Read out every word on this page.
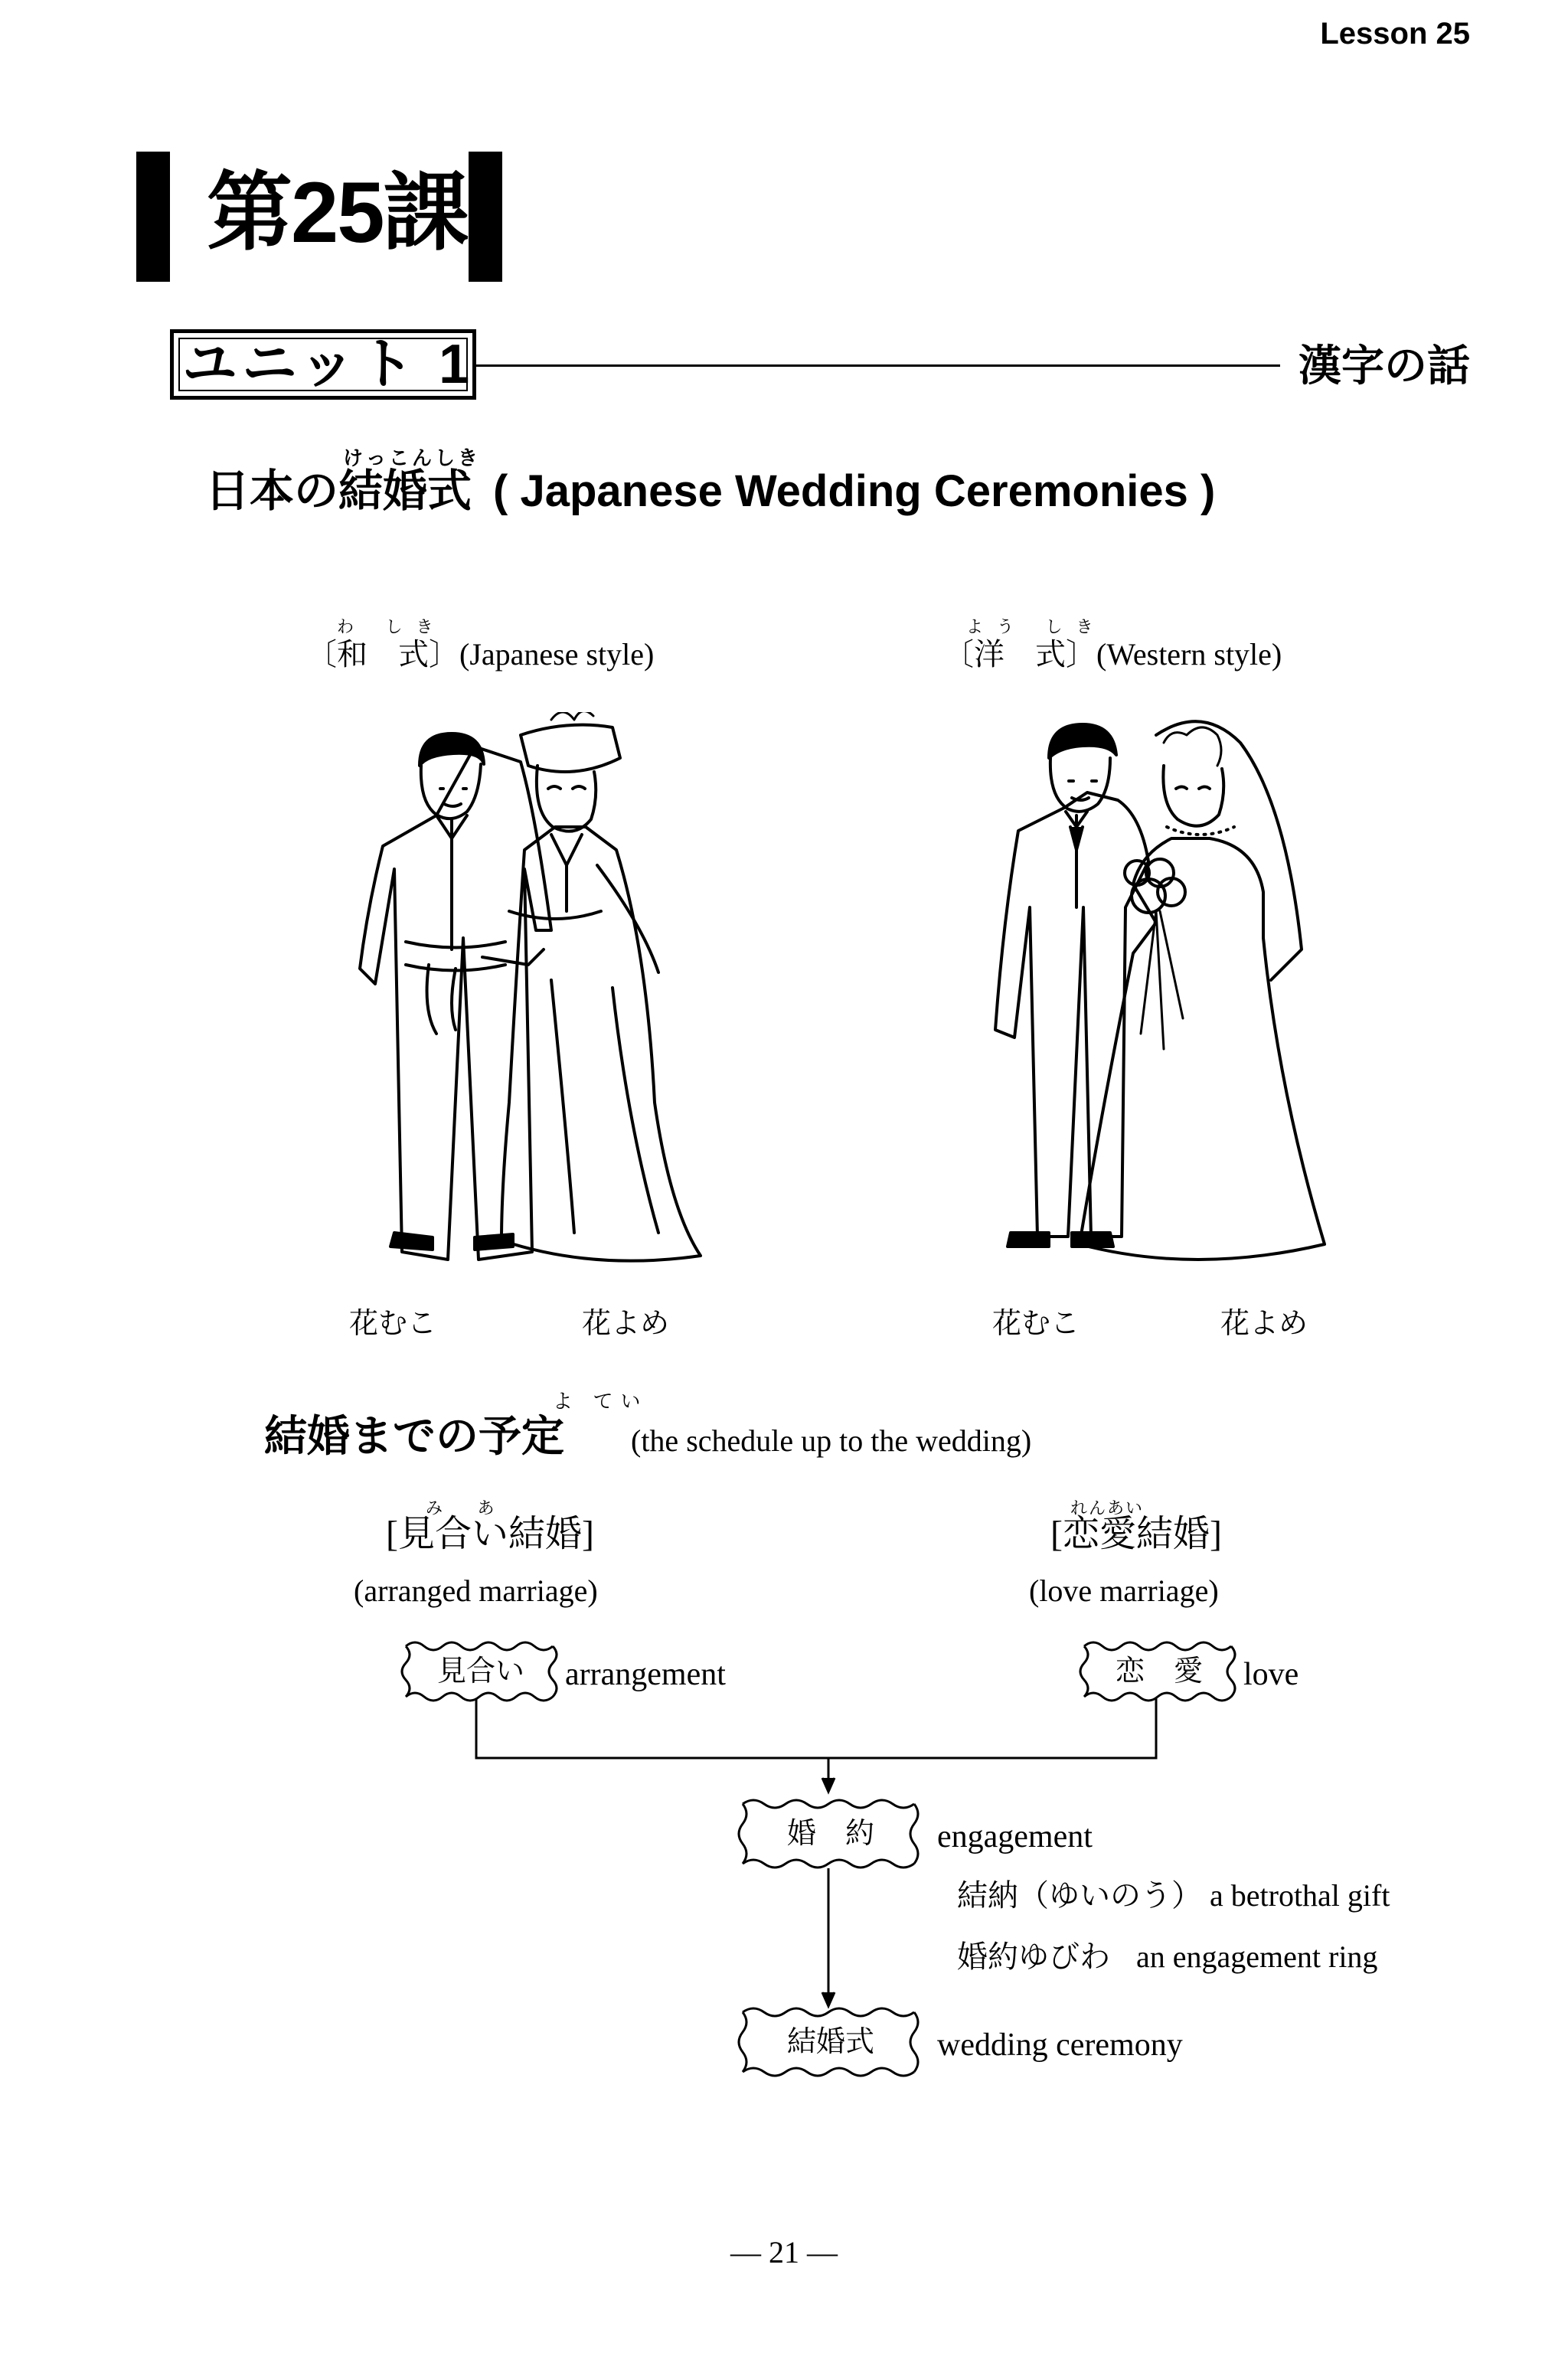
Lesson 25
第25課
ユニット 1	漢字の話
けっこんしき
日本の結婚式 ( Japanese Wedding Ceremonies )
わ しき
〔和　式〕(Japanese style)
よう しき
〔洋　式〕(Western style)
花むこ	花よめ	花むこ	花よめ
よ てい
結婚までの予定 (the schedule up to the wedding)
み あ
[見合い結婚]
(arranged marriage)
れんあい
[恋愛結婚]
(love marriage)
見合い	arrangement	恋　愛	love
婚　約	engagement
結納（ゆいのう） a betrothal gift
婚約ゆびわ an engagement ring
結婚式	wedding ceremony
— 21 —
